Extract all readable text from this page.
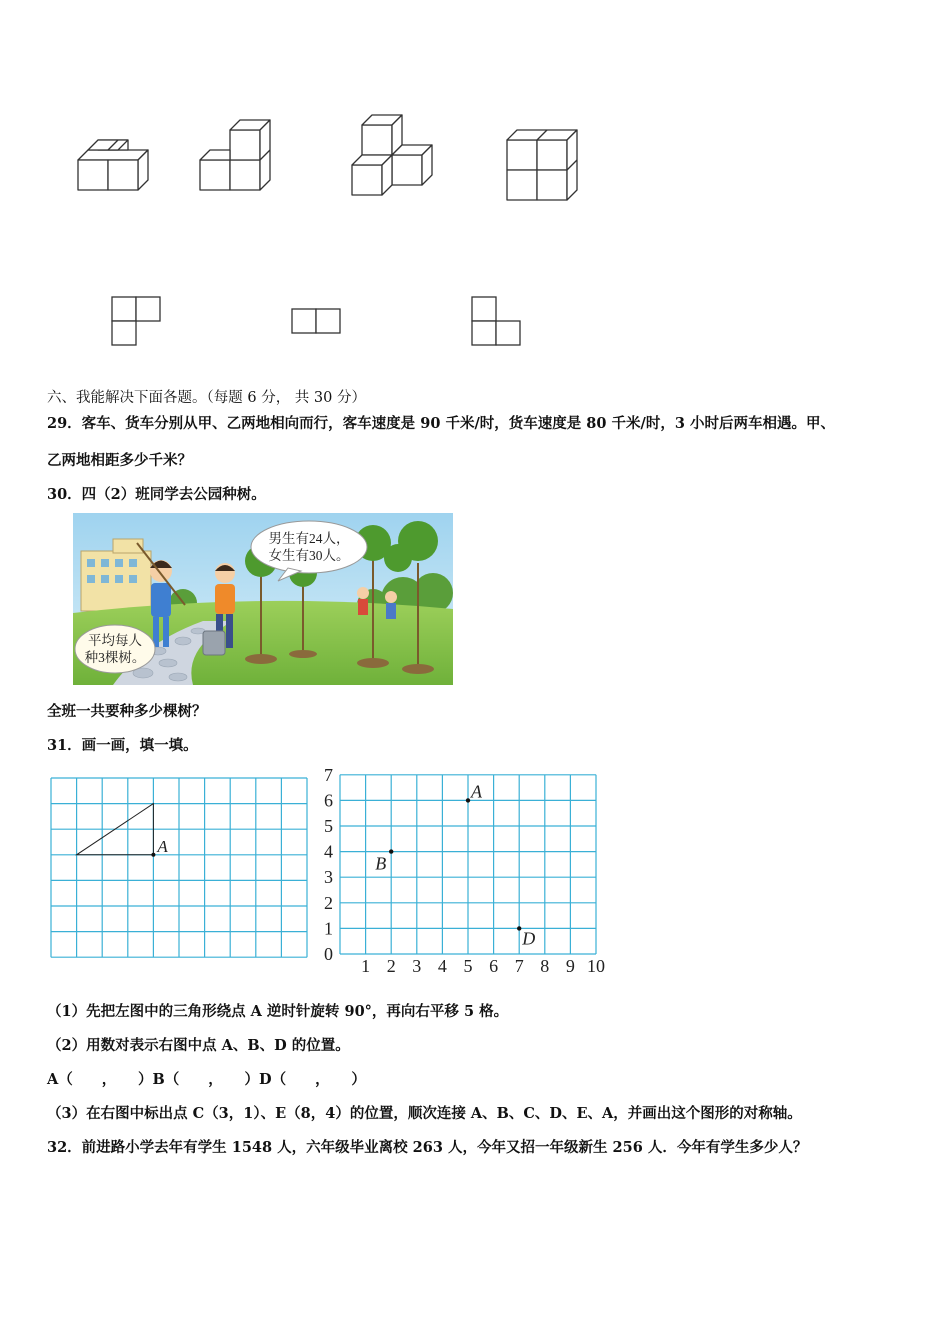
六、我能解决下面各题。（每题 6 分， 共 30 分）
29．客车、货车分别从甲、乙两地相向而行，客车速度是 90 千米/时，货车速度是 80 千米/时，3 小时后两车相遇。甲、
乙两地相距多少千米？
30．四（2）班同学去公园种树。
男生有24人，
女生有30人。
平均每人
种3棵树。
全班一共要种多少棵树？
31．画一画，填一填。
A
7
6
5
4
3
2
1
0
1 2 3 4 5 6 7 8 9 10
A
B
D
（1）先把左图中的三角形绕点 A 逆时针旋转 90°，再向右平移 5 格。
（2）用数对表示右图中点 A、B、D 的位置。
A（　　，　　）B（　　，　　）D（　　，　　）
（3）在右图中标出点 C（3，1）、E（8，4）的位置，顺次连接 A、B、C、D、E、A，并画出这个图形的对称轴。
32．前进路小学去年有学生 1548 人，六年级毕业离校 263 人，今年又招一年级新生 256 人．今年有学生多少人？
